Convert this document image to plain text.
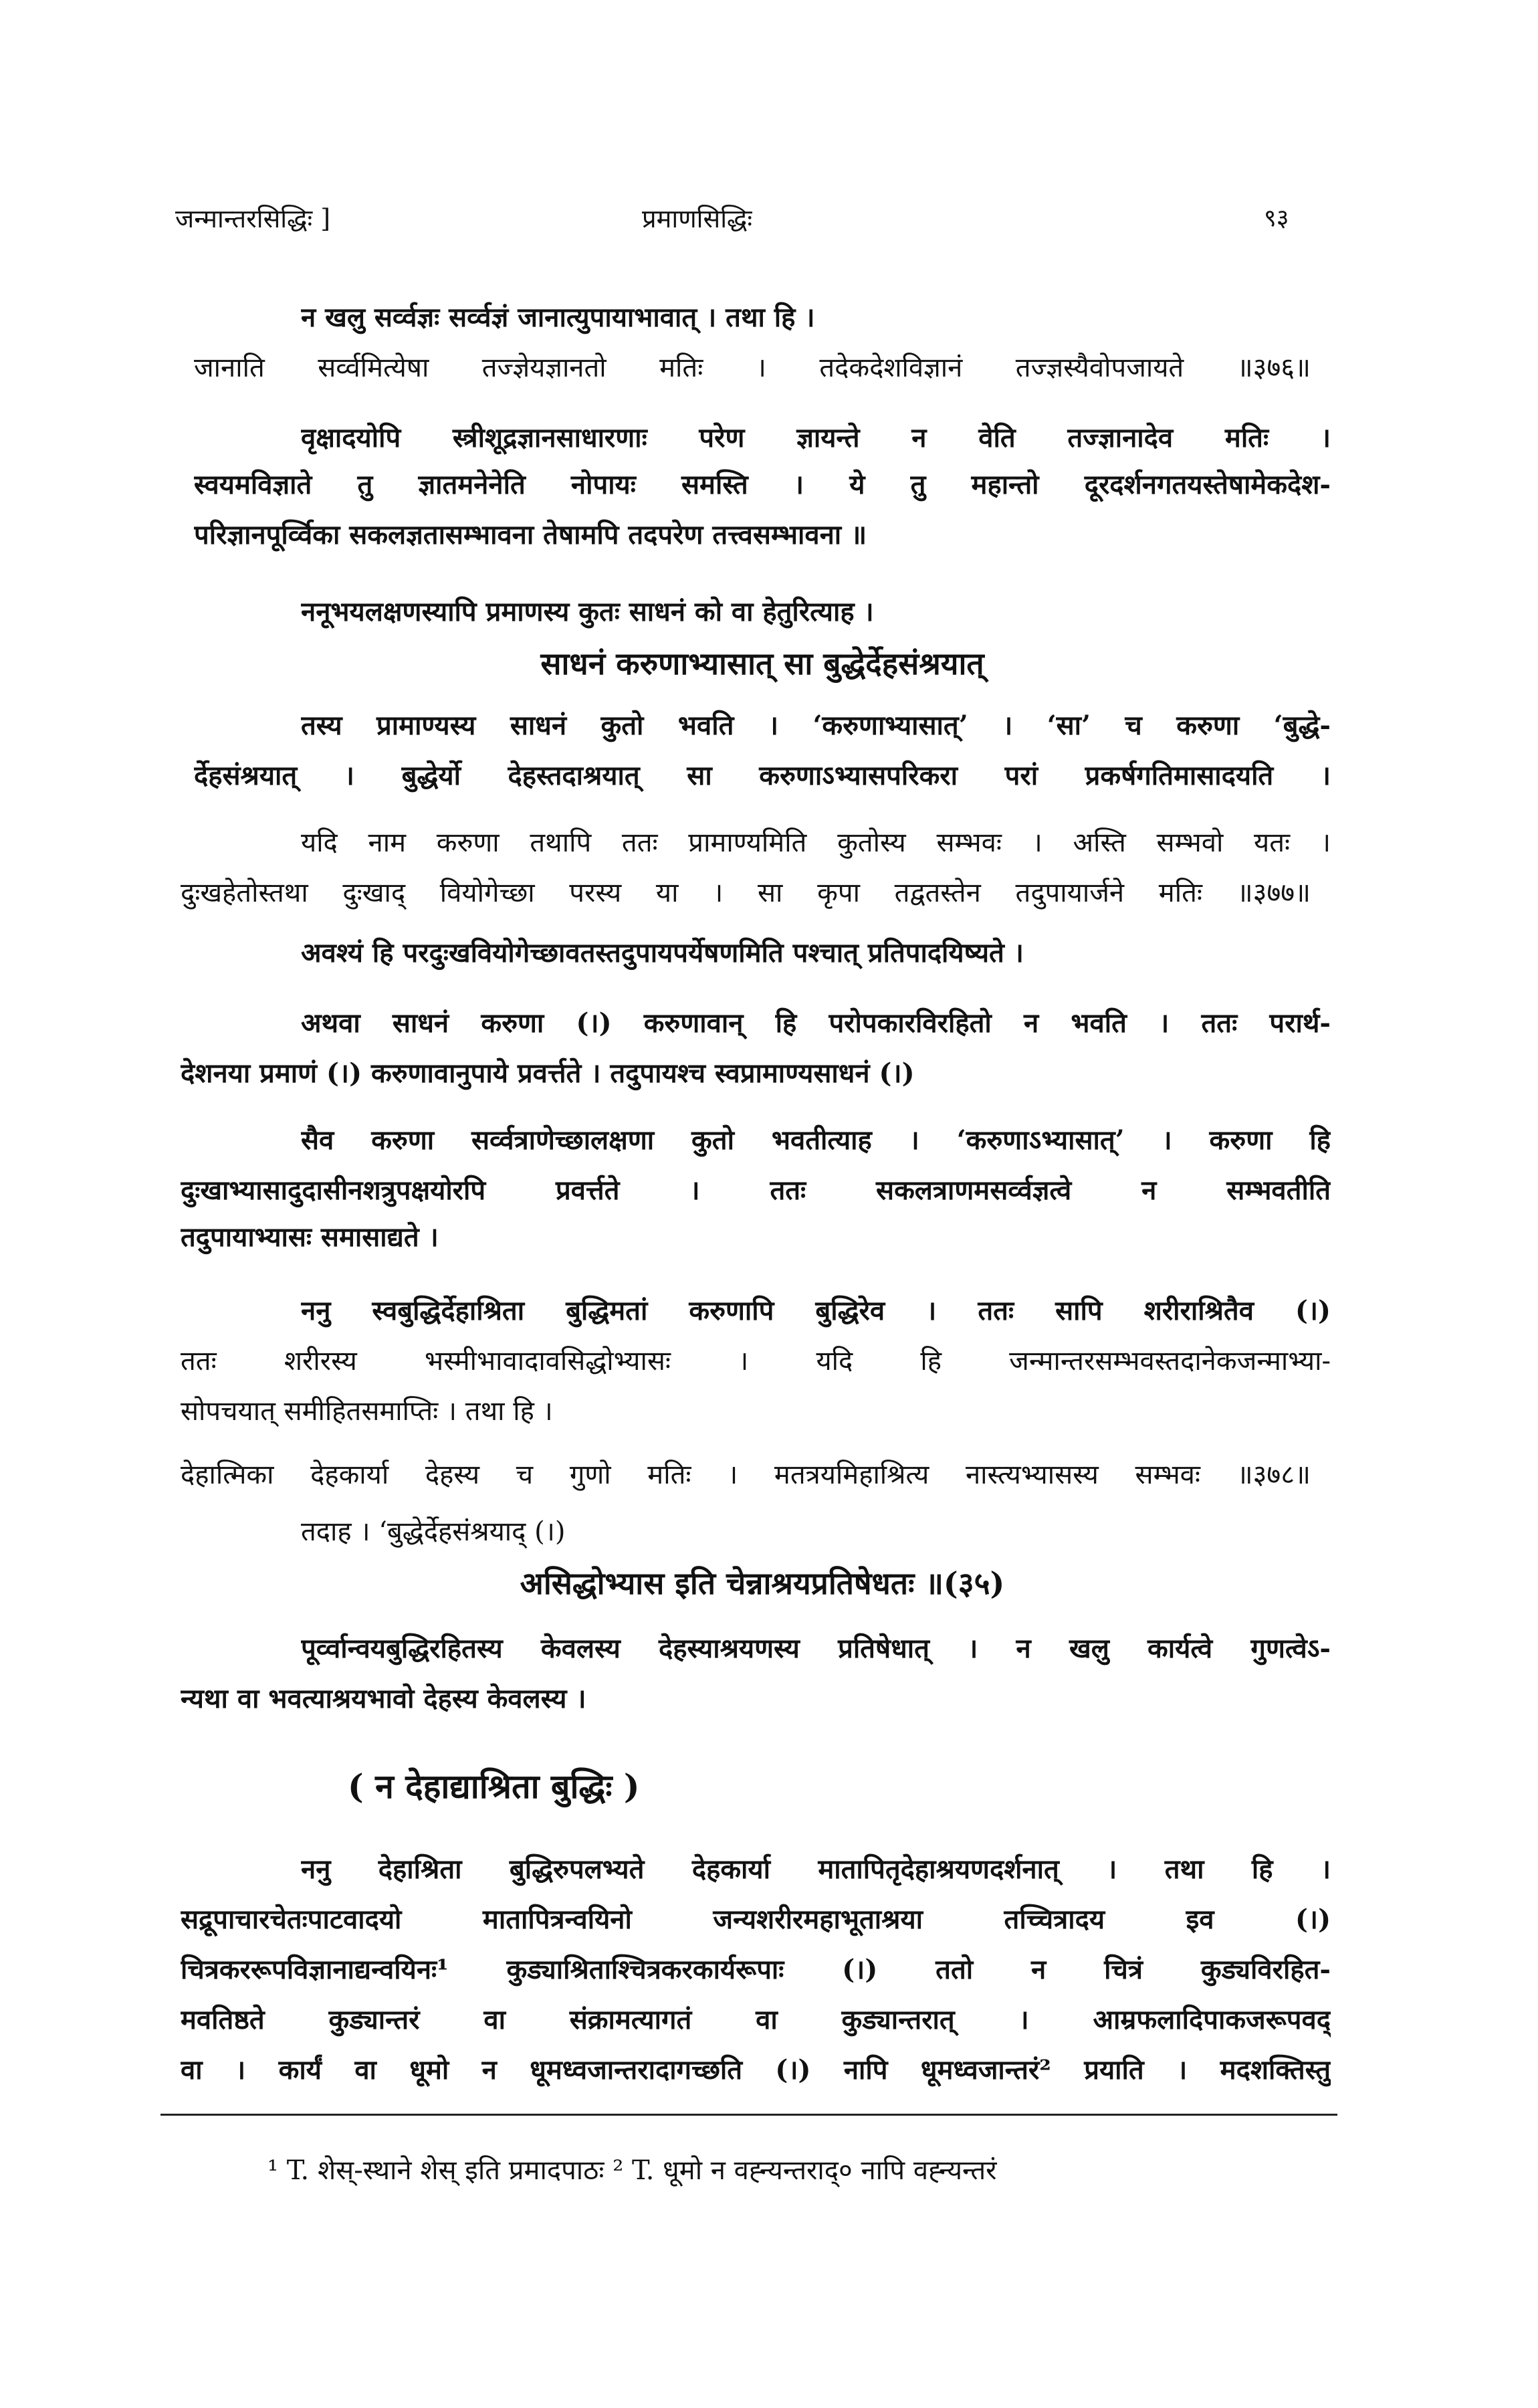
जन्मान्तरसिद्धिः ]	प्रमाणसिद्धिः	९३
न खलु सर्व्वज्ञः सर्व्वज्ञं जानात्युपायाभावात् । तथा हि ।
जानाति सर्व्वमित्येषा तज्ज्ञेयज्ञानतो मतिः । तदेकदेशविज्ञानं तज्ज्ञस्यैवोपजायते ॥३७६॥
वृक्षादयोपि स्त्रीशूद्रज्ञानसाधारणाः परेण ज्ञायन्ते न वेति तज्ज्ञानादेव मतिः ।
स्वयमविज्ञाते तु ज्ञातमनेनेति नोपायः समस्ति । ये तु महान्तो दूरदर्शनगतयस्तेषामेकदेश-
परिज्ञानपूर्व्विका सकलज्ञतासम्भावना तेषामपि तदपरेण तत्त्वसम्भावना ॥
ननूभयलक्षणस्यापि प्रमाणस्य कुतः साधनं को वा हेतुरित्याह ।
साधनं करुणाभ्यासात् सा बुद्धेर्देहसंश्रयात्
तस्य प्रामाण्यस्य साधनं कुतो भवति । ‘करुणाभ्यासात्’ । ‘सा’ च करुणा ‘बुद्धे-
र्देहसंश्रयात् । बुद्धेर्यो देहस्तदाश्रयात् सा करुणाऽभ्यासपरिकरा परां प्रकर्षगतिमासादयति ।
यदि नाम करुणा तथापि ततः प्रामाण्यमिति कुतोस्य सम्भवः । अस्ति सम्भवो यतः ।
दुःखहेतोस्तथा दुःखाद् वियोगेच्छा परस्य या । सा कृपा तद्वतस्तेन तदुपायार्जने मतिः ॥३७७॥
अवश्यं हि परदुःखवियोगेच्छावतस्तदुपायपर्येषणमिति पश्चात् प्रतिपादयिष्यते ।
अथवा साधनं करुणा (।) करुणावान् हि परोपकारविरहितो न भवति । ततः परार्थ-
देशनया प्रमाणं (।) करुणावानुपाये प्रवर्त्तते । तदुपायश्च स्वप्रामाण्यसाधनं (।)
सैव करुणा सर्व्वत्राणेच्छालक्षणा कुतो भवतीत्याह । ‘करुणाऽभ्यासात्’ । करुणा हि
दुःखाभ्यासादुदासीनशत्रुपक्षयोरपि प्रवर्त्तते । ततः सकलत्राणमसर्व्वज्ञत्वे न सम्भवतीति
तदुपायाभ्यासः समासाद्यते ।
ननु स्वबुद्धिर्देहाश्रिता बुद्धिमतां करुणापि बुद्धिरेव । ततः सापि शरीराश्रितैव (।)
ततः शरीरस्य भस्मीभावादावसिद्धोभ्यासः । यदि हि जन्मान्तरसम्भवस्तदानेकजन्माभ्या-
सोपचयात् समीहितसमाप्तिः । तथा हि ।
देहात्मिका देहकार्या देहस्य च गुणो मतिः । मतत्रयमिहाश्रित्य नास्त्यभ्यासस्य सम्भवः ॥३७८॥
तदाह । ‘बुद्धेर्देहसंश्रयाद् (।)
असिद्धोभ्यास इति चेन्नाश्रयप्रतिषेधतः ॥(३५)
पूर्व्वान्वयबुद्धिरहितस्य केवलस्य देहस्याश्रयणस्य प्रतिषेधात् । न खलु कार्यत्वे गुणत्वेऽ-
न्यथा वा भवत्याश्रयभावो देहस्य केवलस्य ।
( न देहाद्याश्रिता बुद्धिः )
ननु देहाश्रिता बुद्धिरुपलभ्यते देहकार्या मातापितृदेहाश्रयणदर्शनात् । तथा हि ।
सद्रूपाचारचेतःपाटवादयो मातापित्रन्वयिनो जन्यशरीरमहाभूताश्रया तच्चित्रादय इव (।)
चित्रकररूपविज्ञानाद्यन्वयिनः¹ कुड्याश्रिताश्चित्रकरकार्यरूपाः (।) ततो न चित्रं कुड्यविरहित-
मवतिष्ठते कुड्यान्तरं वा संक्रामत्यागतं वा कुड्यान्तरात् । आम्रफलादिपाकजरूपवद्
वा । कार्यं वा धूमो न धूमध्वजान्तरादागच्छति (।) नापि धूमध्वजान्तरं² प्रयाति । मदशक्तिस्तु
¹ T. शेस्-स्थाने शेस् इति प्रमादपाठः ² T. धूमो न वह्न्यन्तराद्० नापि वह्न्यन्तरं
